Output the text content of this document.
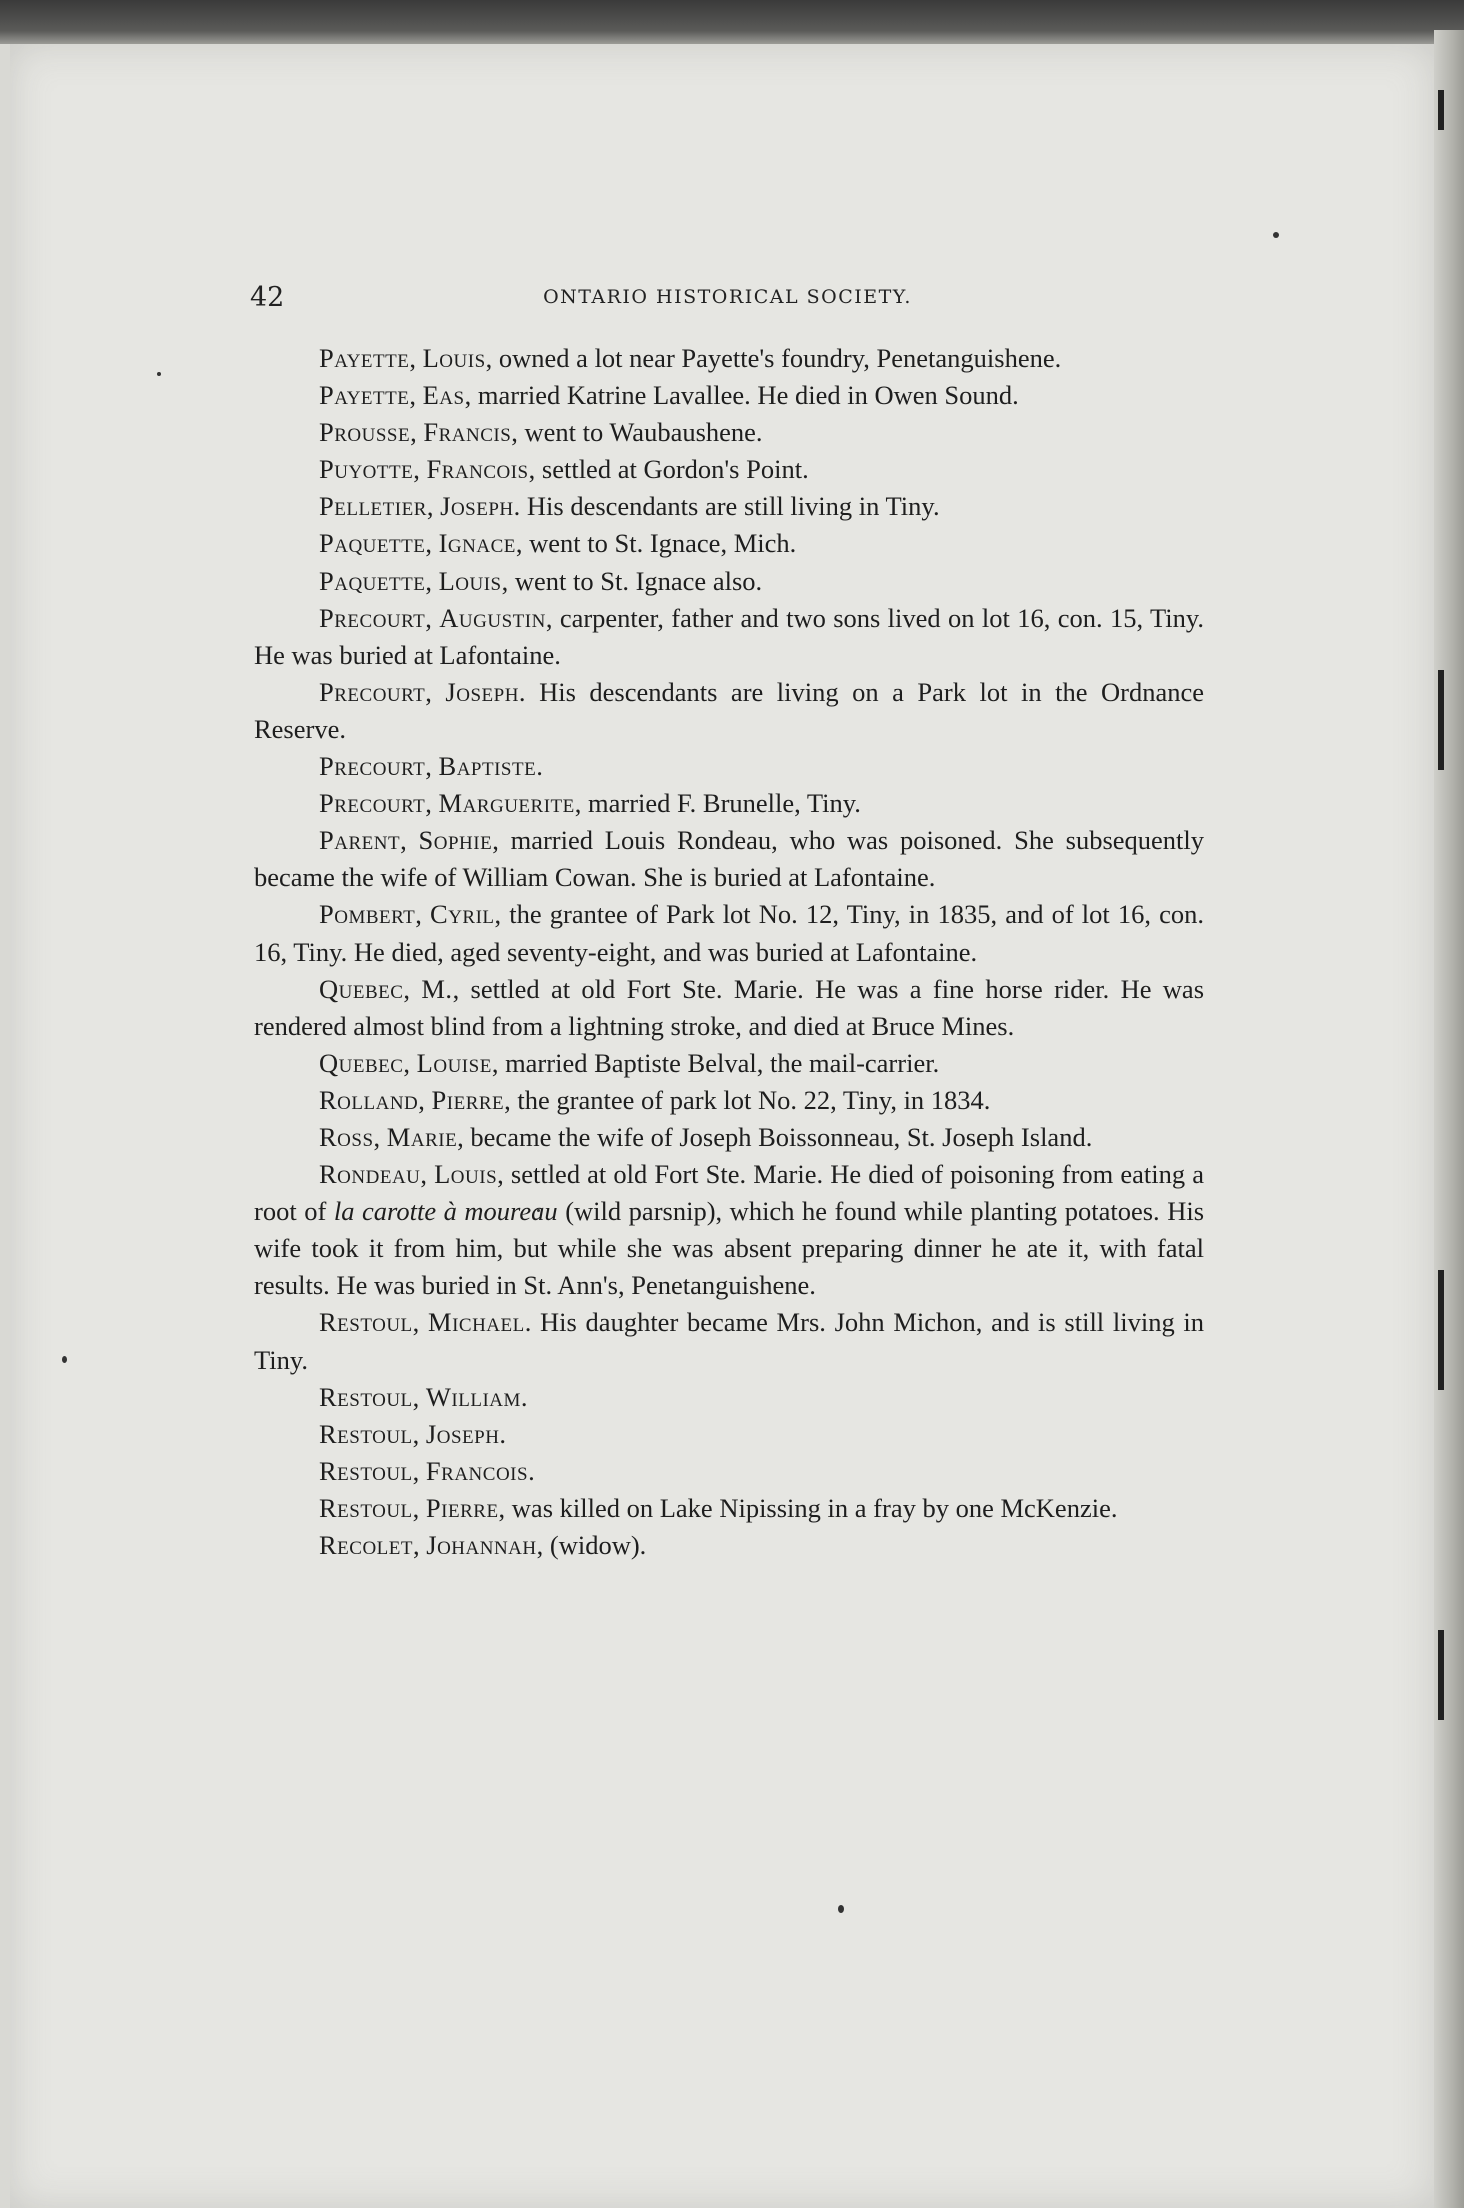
42	ONTARIO HISTORICAL SOCIETY.

Payette, Louis, owned a lot near Payette's foundry, Penetanguishene.

Payette, Eas, married Katrine Lavallee. He died in Owen Sound.

Prousse, Francis, went to Waubaushene.

Puyotte, Francois, settled at Gordon's Point.

Pelletier, Joseph. His descendants are still living in Tiny.

Paquette, Ignace, went to St. Ignace, Mich.

Paquette, Louis, went to St. Ignace also.

Precourt, Augustin, carpenter, father and two sons lived on lot 16, con. 15, Tiny. He was buried at Lafontaine.

Precourt, Joseph. His descendants are living on a Park lot in the Ordnance Reserve.

Precourt, Baptiste.

Precourt, Marguerite, married F. Brunelle, Tiny.

Parent, Sophie, married Louis Rondeau, who was poisoned. She subsequently became the wife of William Cowan. She is buried at Lafontaine.

Pombert, Cyril, the grantee of Park lot No. 12, Tiny, in 1835, and of lot 16, con. 16, Tiny. He died, aged seventy-eight, and was buried at Lafontaine.

Quebec, M., settled at old Fort Ste. Marie. He was a fine horse rider. He was rendered almost blind from a lightning stroke, and died at Bruce Mines.

Quebec, Louise, married Baptiste Belval, the mail-carrier.

Rolland, Pierre, the grantee of park lot No. 22, Tiny, in 1834.

Ross, Marie, became the wife of Joseph Boissonneau, St. Joseph Island.

Rondeau, Louis, settled at old Fort Ste. Marie. He died of poisoning from eating a root of la carotte à moureau (wild parsnip), which he found while planting potatoes. His wife took it from him, but while she was absent preparing dinner he ate it, with fatal results. He was buried in St. Ann's, Penetanguishene.

Restoul, Michael. His daughter became Mrs. John Michon, and is still living in Tiny.

Restoul, William.

Restoul, Joseph.

Restoul, Francois.

Restoul, Pierre, was killed on Lake Nipissing in a fray by one McKenzie.

Recolet, Johannah, (widow).
